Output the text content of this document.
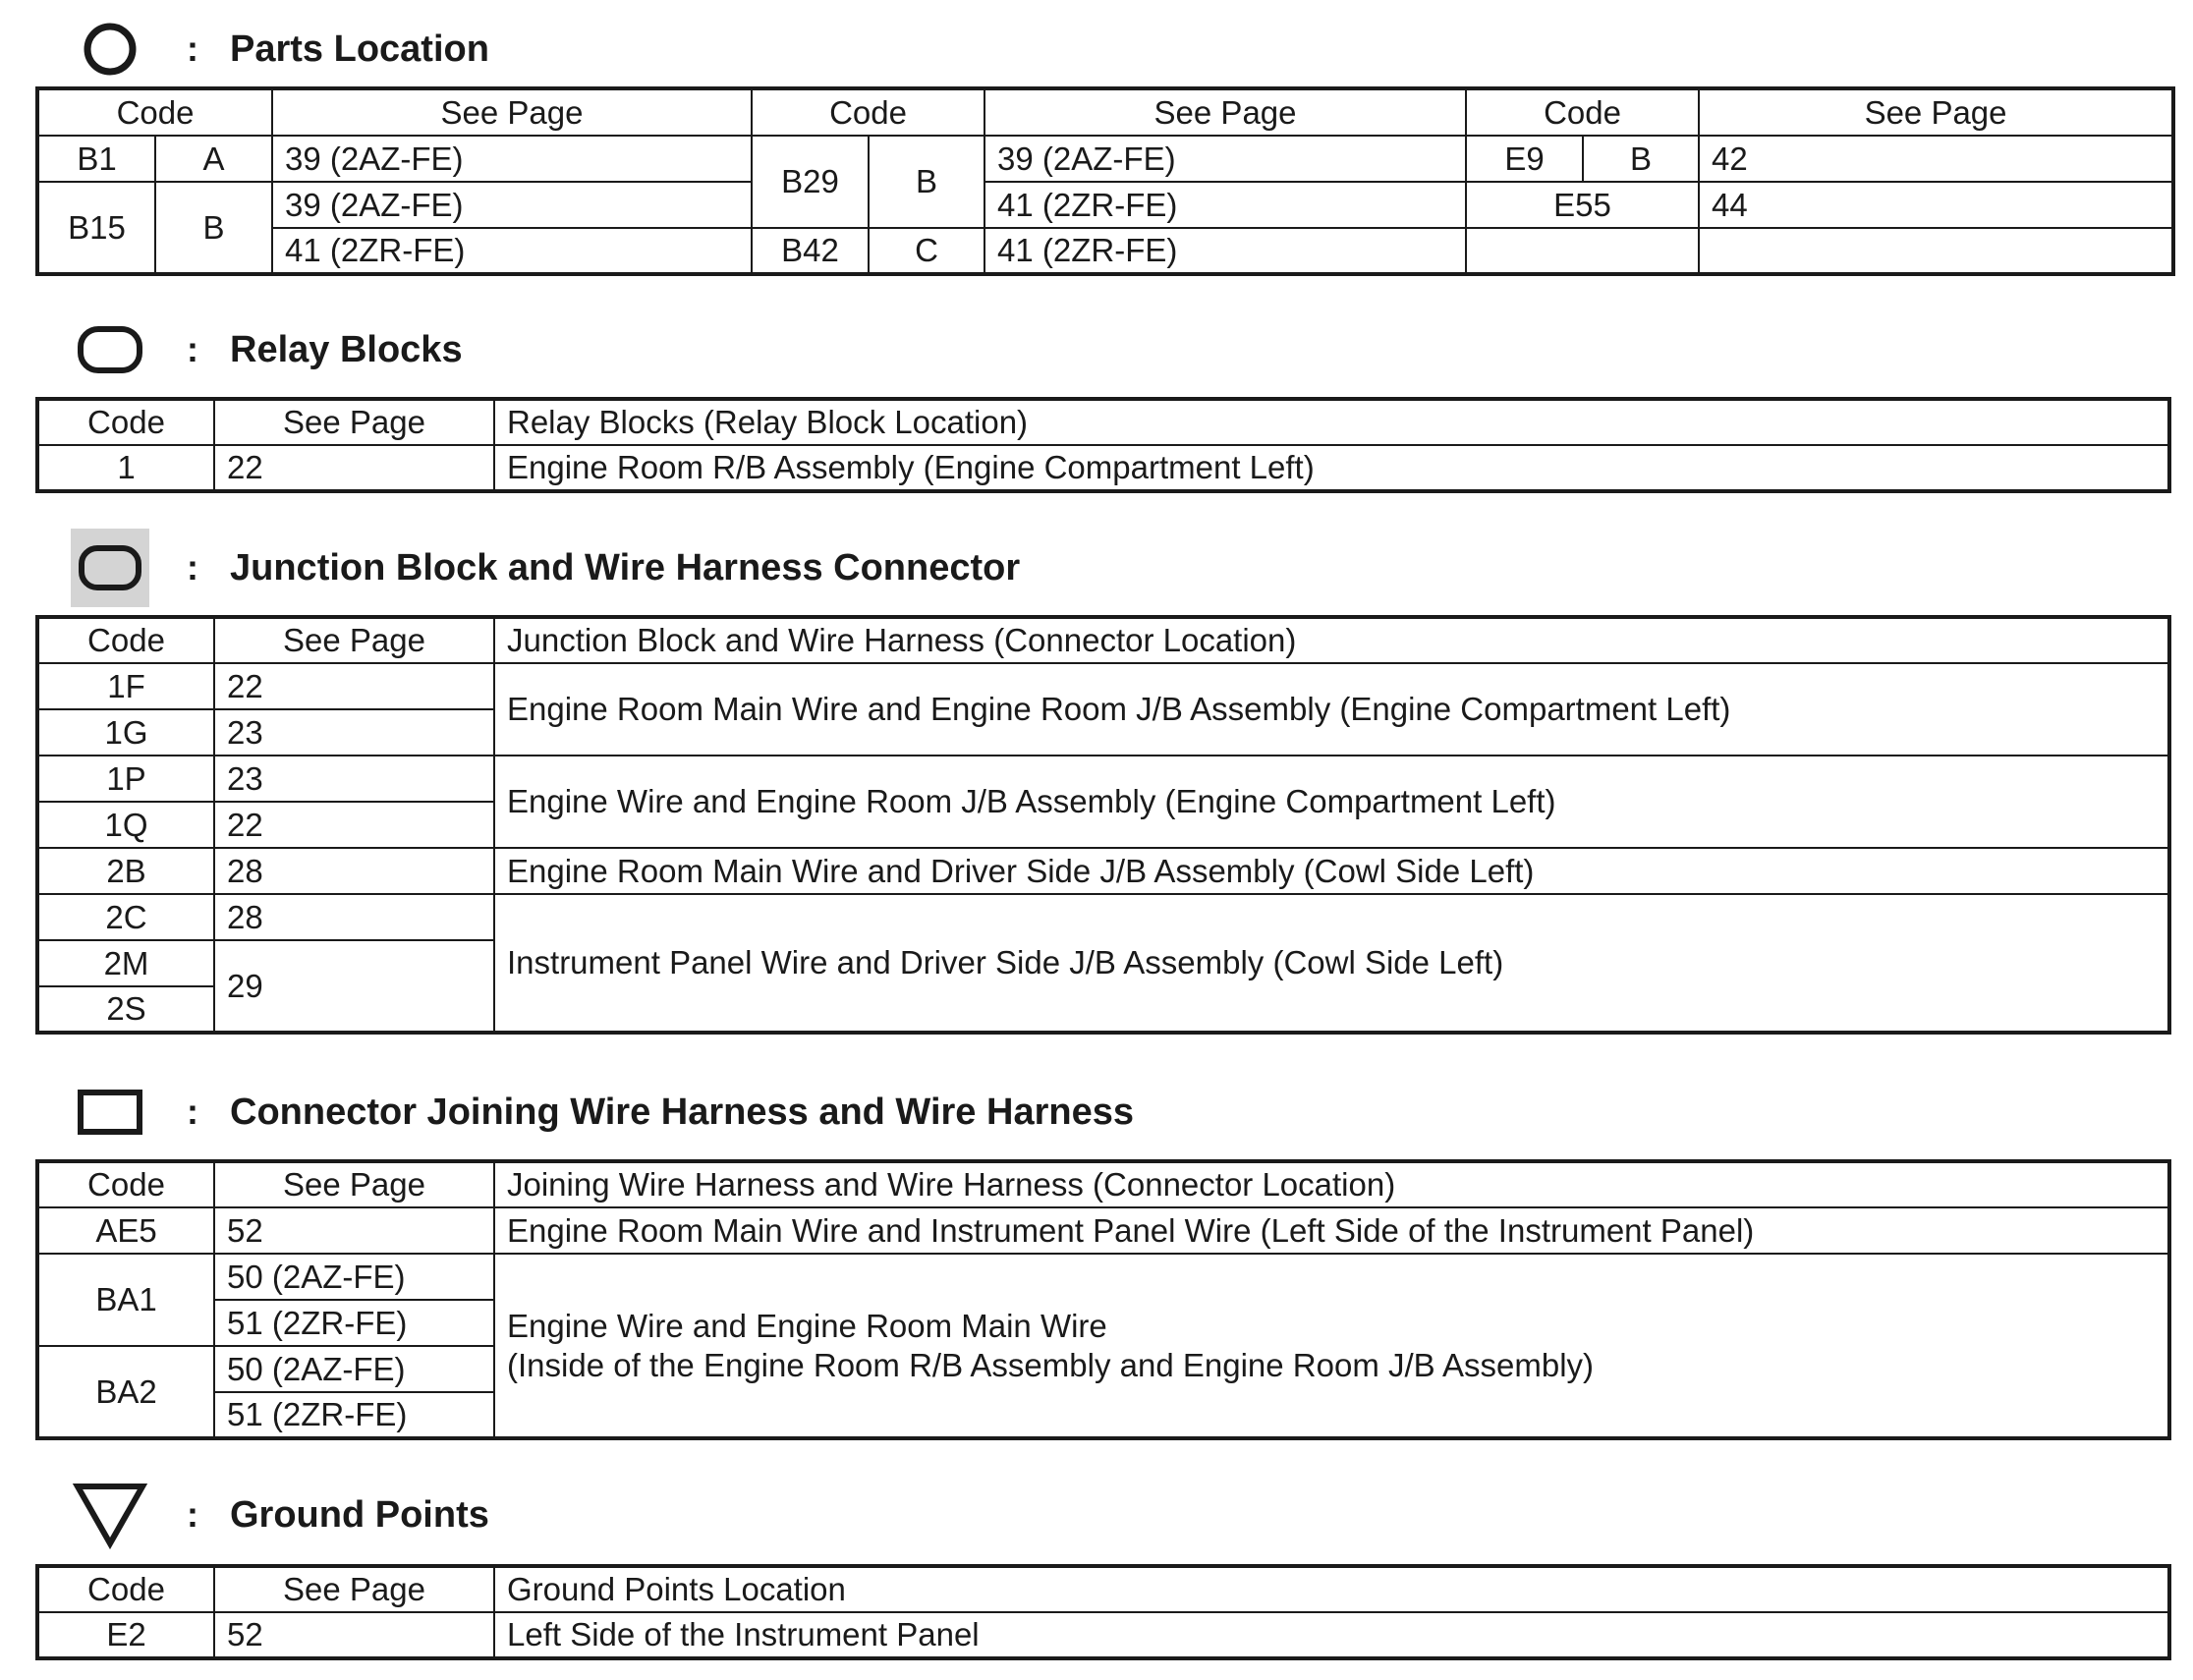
: Parts Location
Code		See Page	Code		See Page	Code		See Page
B1	A	39 (2AZ-FE)	B29	B	39 (2AZ-FE)	E9	B	42
B15	B	39 (2AZ-FE)			41 (2ZR-FE)	E55		44
		41 (2ZR-FE)	B42	C	41 (2ZR-FE)			
: Relay Blocks
Code	See Page	Relay Blocks (Relay Block Location)
1	22	Engine Room R/B Assembly (Engine Compartment Left)
: Junction Block and Wire Harness Connector
Code	See Page	Junction Block and Wire Harness (Connector Location)
1F	22	Engine Room Main Wire and Engine Room J/B Assembly (Engine Compartment Left)
1G	23	
1P	23	Engine Wire and Engine Room J/B Assembly (Engine Compartment Left)
1Q	22	
2B	28	Engine Room Main Wire and Driver Side J/B Assembly (Cowl Side Left)
2C	28	Instrument Panel Wire and Driver Side J/B Assembly (Cowl Side Left)
2M	29	
2S		
: Connector Joining Wire Harness and Wire Harness
Code	See Page	Joining Wire Harness and Wire Harness (Connector Location)
AE5	52	Engine Room Main Wire and Instrument Panel Wire (Left Side of the Instrument Panel)
BA1	50 (2AZ-FE)	Engine Wire and Engine Room Main Wire
(Inside of the Engine Room R/B Assembly and Engine Room J/B Assembly)

	51 (2ZR-FE)	
BA2	50 (2AZ-FE)	
	51 (2ZR-FE)	
: Ground Points
Code	See Page	Ground Points Location
E2	52	Left Side of the Instrument Panel
